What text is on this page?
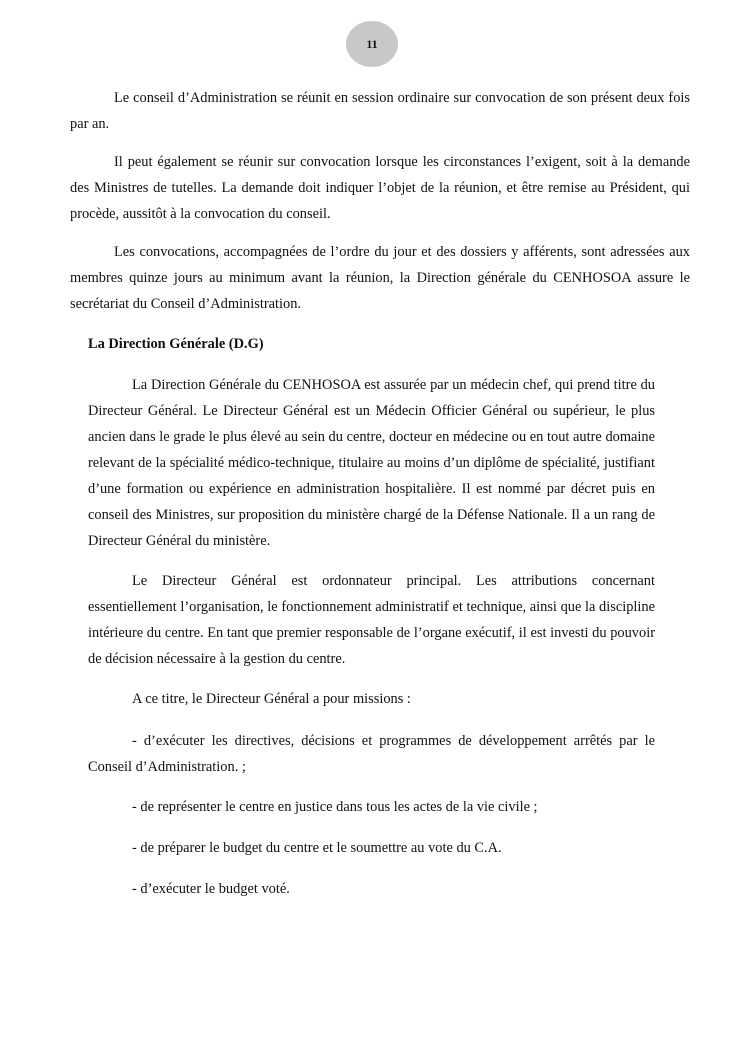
11

Le conseil d’Administration se réunit en session ordinaire sur convocation de son présent deux fois par an.

Il peut également se réunir sur convocation lorsque les circonstances l’exigent, soit à la demande des Ministres de tutelles. La demande doit indiquer l’objet de la réunion, et être remise au Président, qui procède, aussitôt à la convocation du conseil.

Les convocations, accompagnées de l’ordre du jour et des dossiers y afférents, sont adressées aux membres quinze jours au minimum avant la réunion, la Direction générale du CENHOSOA assure le secrétariat du Conseil d’Administration.

La Direction Générale (D.G)

La Direction Générale du CENHOSOA est assurée par un médecin chef, qui prend titre du Directeur Général. Le Directeur Général est un Médecin Officier Général ou supérieur, le plus ancien dans le grade le plus élevé au sein du centre, docteur en médecine ou en tout autre domaine relevant de la spécialité médico-technique, titulaire au moins d’un diplôme de spécialité, justifiant d’une formation ou expérience en administration hospitalière. Il est nommé par décret puis en conseil des Ministres, sur proposition du ministère chargé de la Défense Nationale. Il a un rang de Directeur Général du ministère.

Le Directeur Général est ordonnateur principal. Les attributions concernant essentiellement l’organisation, le fonctionnement administratif et technique, ainsi que la discipline intérieure du centre. En tant que premier responsable de l’organe exécutif, il est investi du pouvoir de décision nécessaire à la gestion du centre.

A ce titre, le Directeur Général a pour missions :

- d’exécuter les directives, décisions et programmes de développement arrêtés par le Conseil d’Administration. ;

- de représenter le centre en justice dans tous les actes de la vie civile ;
- de préparer le budget du centre et le soumettre au vote du C.A.
- d’exécuter le budget voté.
